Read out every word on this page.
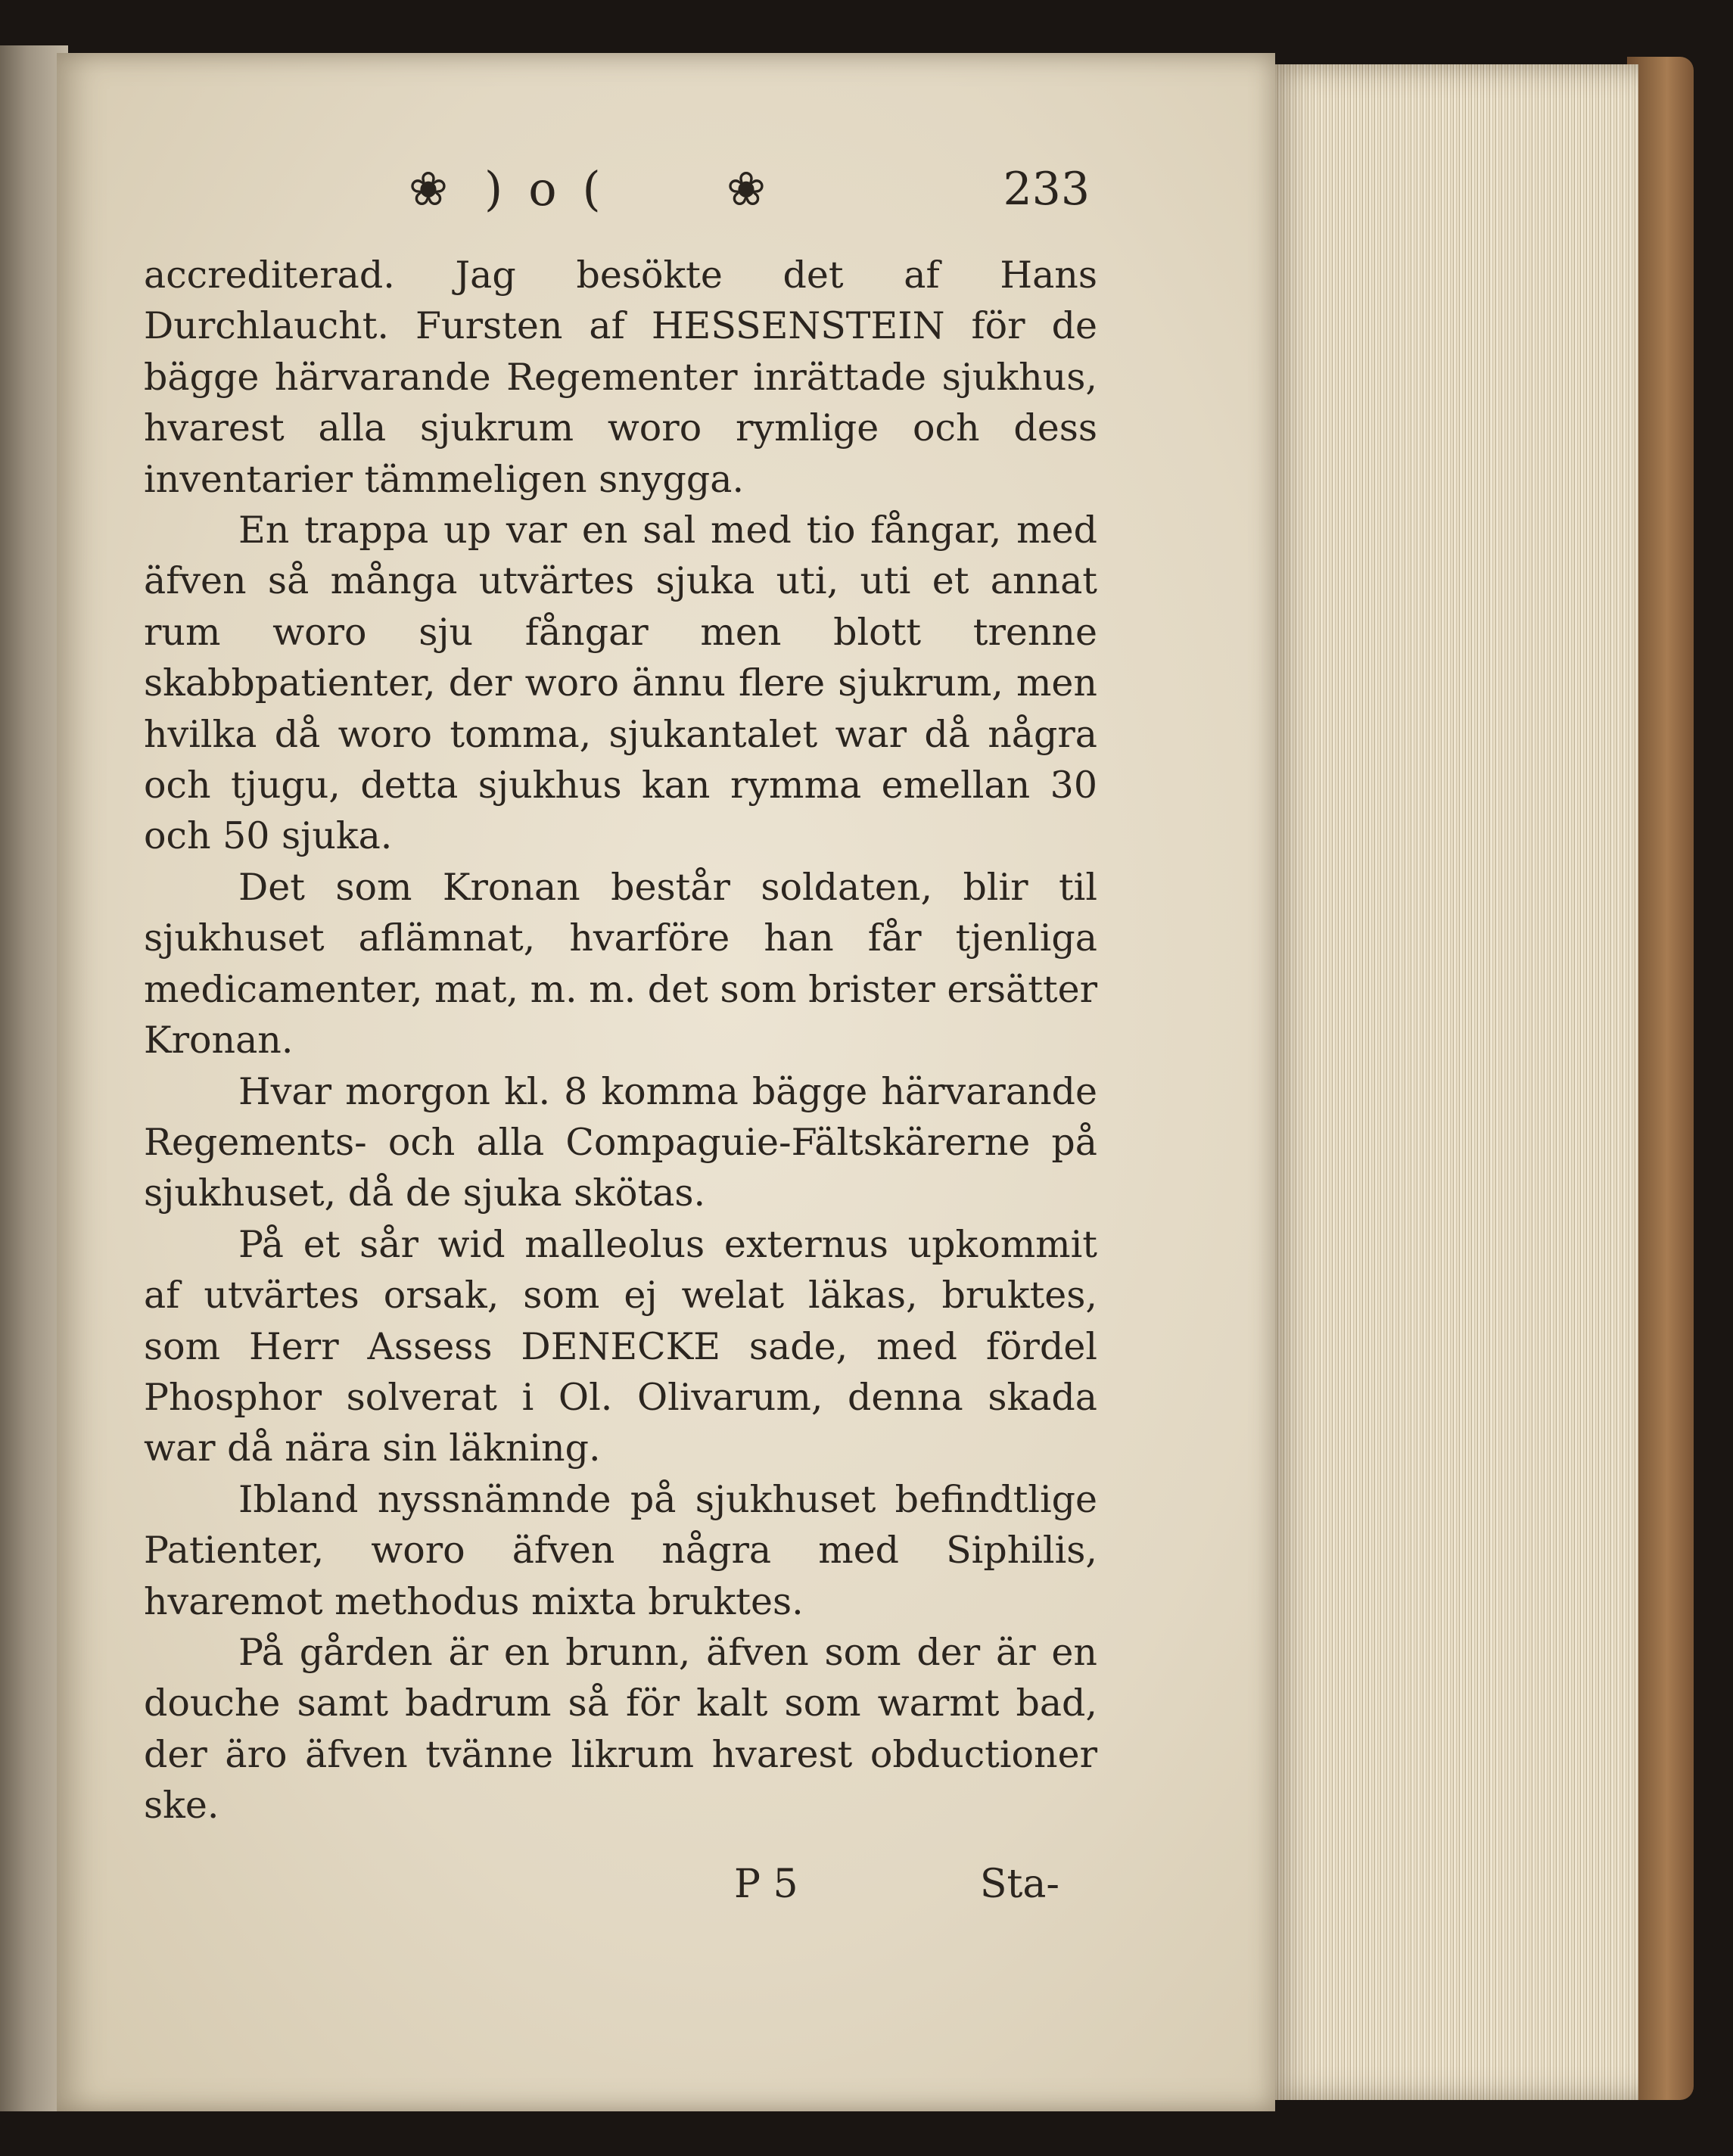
❀ )o( ❀	233

accrediterad. Jag besökte det af Hans Durchlaucht. Fursten af HESSENSTEIN för de bägge härvarande Regementer inrättade sjukhus, hvarest alla sjukrum woro rymlige och dess inventarier tämmeligen snygga.

En trappa up var en sal med tio fångar, med äfven så många utvärtes sjuka uti, uti et annat rum woro sju fångar men blott trenne skabbpatienter, der woro ännu flere sjukrum, men hvilka då woro tomma, sjukantalet war då några och tjugu, detta sjukhus kan rymma emellan 30 och 50 sjuka.

Det som Kronan består soldaten, blir til sjukhuset aflämnat, hvarföre han får tjenliga medicamenter, mat, m. m. det som brister ersätter Kronan.

Hvar morgon kl. 8 komma bägge härvarande Regements- och alla Compaguie-Fältskärerne på sjukhuset, då de sjuka skötas.

På et sår wid malleolus externus upkommit af utvärtes orsak, som ej welat läkas, bruktes, som Herr Assess DENECKE sade, med fördel Phosphor solverat i Ol. Olivarum, denna skada war då nära sin läkning.

Ibland nyssnämnde på sjukhuset befindtlige Patienter, woro äfven några med Siphilis, hvaremot methodus mixta bruktes.

På gården är en brunn, äfven som der är en douche samt badrum så för kalt som warmt bad, der äro äfven tvänne likrum hvarest obductioner ske.

P 5	Sta-
